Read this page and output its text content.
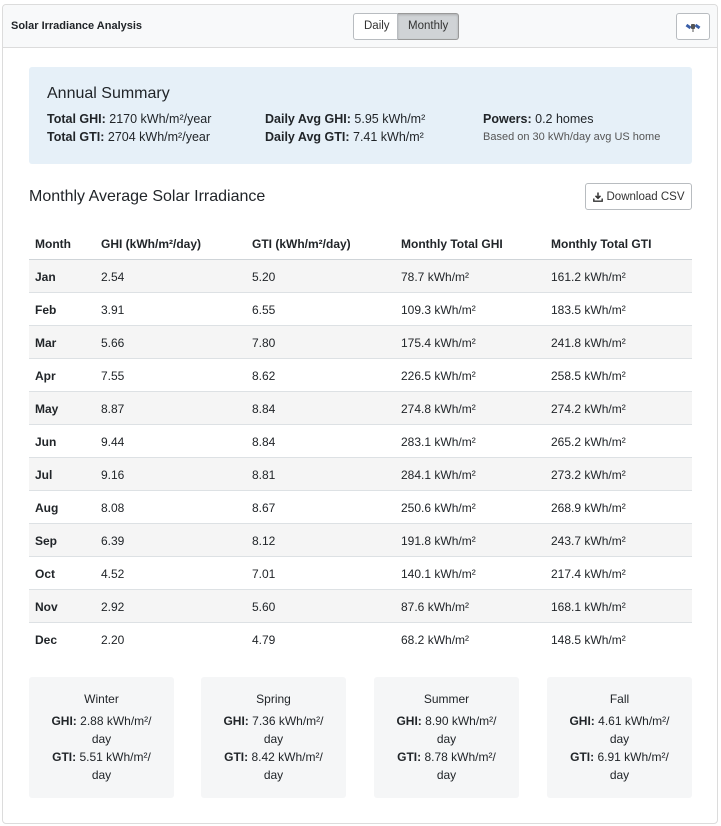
Solar Irradiance Analysis	Daily	Monthly
Annual Summary
Total GHI: 2170 kWh/m²/year
Total GTI: 2704 kWh/m²/year
Daily Avg GHI: 5.95 kWh/m²
Daily Avg GTI: 7.41 kWh/m²
Powers: 0.2 homes
Based on 30 kWh/day avg US home
Monthly Average Solar Irradiance	Download CSV
Month	GHI (kWh/m²/day)	GTI (kWh/m²/day)	Monthly Total GHI	Monthly Total GTI
Jan	2.54	5.20	78.7 kWh/m²	161.2 kWh/m²
Feb	3.91	6.55	109.3 kWh/m²	183.5 kWh/m²
Mar	5.66	7.80	175.4 kWh/m²	241.8 kWh/m²
Apr	7.55	8.62	226.5 kWh/m²	258.5 kWh/m²
May	8.87	8.84	274.8 kWh/m²	274.2 kWh/m²
Jun	9.44	8.84	283.1 kWh/m²	265.2 kWh/m²
Jul	9.16	8.81	284.1 kWh/m²	273.2 kWh/m²
Aug	8.08	8.67	250.6 kWh/m²	268.9 kWh/m²
Sep	6.39	8.12	191.8 kWh/m²	243.7 kWh/m²
Oct	4.52	7.01	140.1 kWh/m²	217.4 kWh/m²
Nov	2.92	5.60	87.6 kWh/m²	168.1 kWh/m²
Dec	2.20	4.79	68.2 kWh/m²	148.5 kWh/m²
Winter
GHI: 2.88 kWh/m²/ day
GTI: 5.51 kWh/m²/ day
Spring
GHI: 7.36 kWh/m²/ day
GTI: 8.42 kWh/m²/ day
Summer
GHI: 8.90 kWh/m²/ day
GTI: 8.78 kWh/m²/ day
Fall
GHI: 4.61 kWh/m²/ day
GTI: 6.91 kWh/m²/ day
